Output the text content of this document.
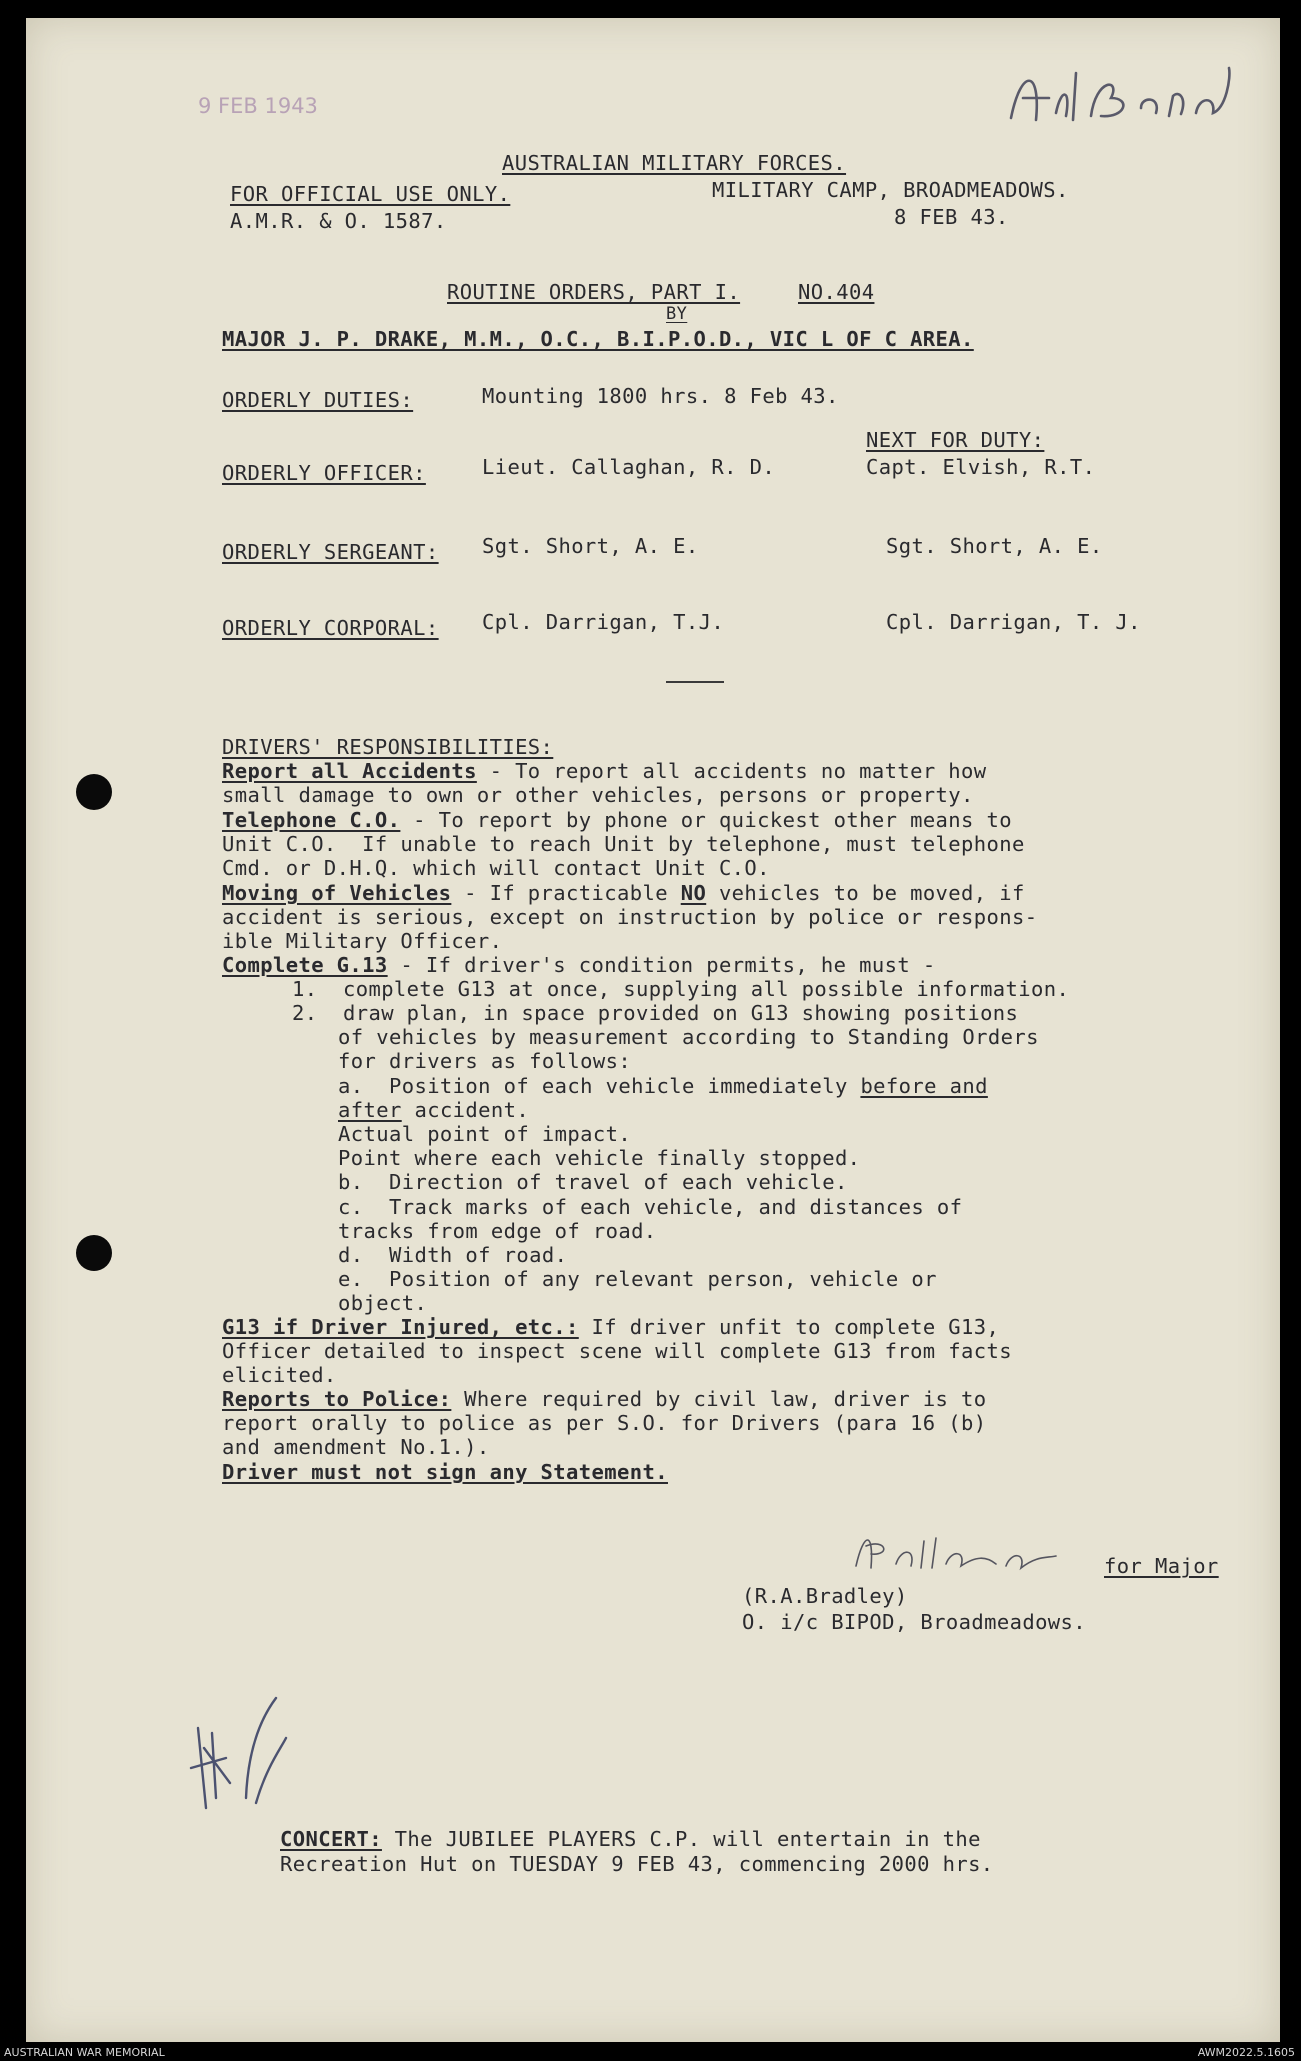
9 FEB 1943
AUSTRALIAN MILITARY FORCES.
FOR OFFICIAL USE ONLY.	MILITARY CAMP, BROADMEADOWS.
A.M.R. & O. 1587.	8 FEB 43.
ROUTINE ORDERS, PART I.	NO.404
BY
MAJOR J. P. DRAKE, M.M., O.C., B.I.P.O.D., VIC L OF C AREA.
ORDERLY DUTIES:	Mounting 1800 hrs. 8 Feb 43.
NEXT FOR DUTY:
ORDERLY OFFICER:	Lieut. Callaghan, R. D.	Capt. Elvish, R.T.
ORDERLY SERGEANT: Sgt. Short, A. E.	Sgt. Short, A. E.
ORDERLY CORPORAL: Cpl. Darrigan, T.J.	Cpl. Darrigan, T. J.
DRIVERS' RESPONSIBILITIES:
Report all Accidents - To report all accidents no matter how
small damage to own or other vehicles, persons or property.
Telephone C.O. - To report by phone or quickest other means to
Unit C.O.  If unable to reach Unit by telephone, must telephone
Cmd. or D.H.Q. which will contact Unit C.O.
Moving of Vehicles - If practicable NO vehicles to be moved, if
accident is serious, except on instruction by police or respons-
ible Military Officer.
Complete G.13 - If driver's condition permits, he must -
1.  complete G13 at once, supplying all possible information.
2.  draw plan, in space provided on G13 showing positions
of vehicles by measurement according to Standing Orders
for drivers as follows:
a.  Position of each vehicle immediately before and
after accident.
Actual point of impact.
Point where each vehicle finally stopped.
b.  Direction of travel of each vehicle.
c.  Track marks of each vehicle, and distances of
tracks from edge of road.
d.  Width of road.
e.  Position of any relevant person, vehicle or
object.
G13 if Driver Injured, etc.: If driver unfit to complete G13,
Officer detailed to inspect scene will complete G13 from facts
elicited.
Reports to Police: Where required by civil law, driver is to
report orally to police as per S.O. for Drivers (para 16 (b)
and amendment No.1.).
Driver must not sign any Statement.
for Major
(R.A.Bradley)
O. i/c BIPOD, Broadmeadows.
CONCERT: The JUBILEE PLAYERS C.P. will entertain in the
Recreation Hut on TUESDAY 9 FEB 43, commencing 2000 hrs.
AUSTRALIAN WAR MEMORIAL	AWM2022.5.1605
